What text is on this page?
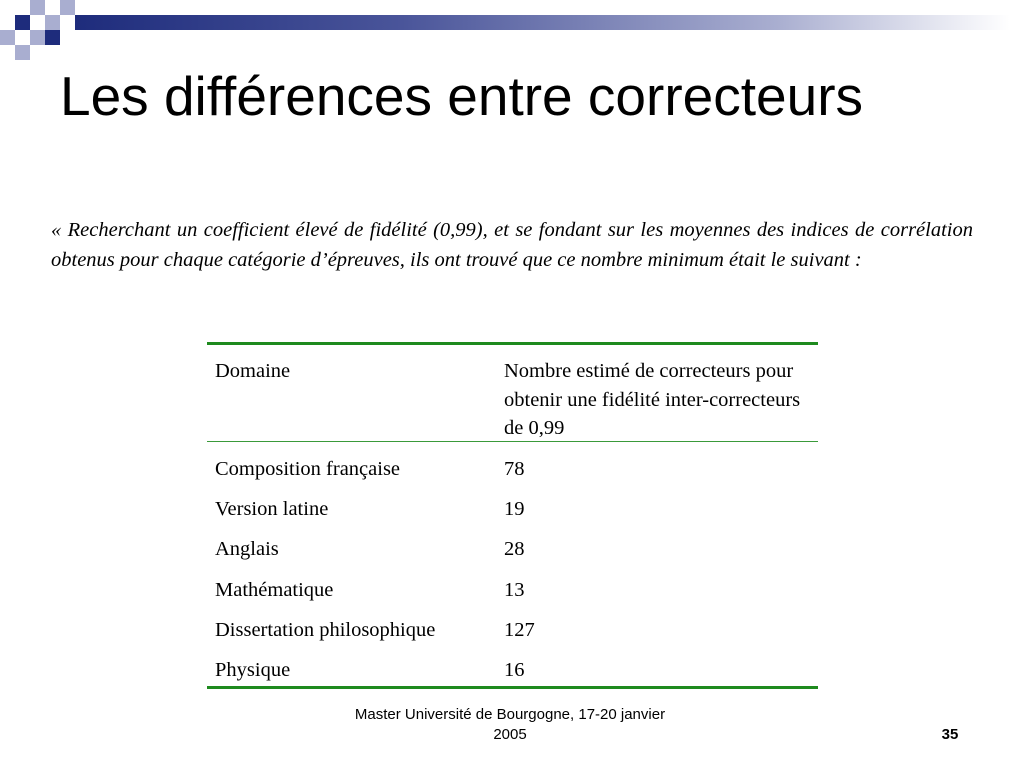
Les différences entre correcteurs

« Recherchant un coefficient élevé de fidélité (0,99), et se fondant sur les moyennes des indices de corrélation obtenus pour chaque catégorie d’épreuves, ils ont trouvé que ce nombre minimum était le suivant :

Domaine	Nombre estimé de correcteurs pour obtenir une fidélité inter-correcteurs de 0,99
Composition française	78
Version latine	19
Anglais	28
Mathématique	13
Dissertation philosophique	127
Physique	16
Master Université de Bourgogne, 17-20 janvier 2005	35
